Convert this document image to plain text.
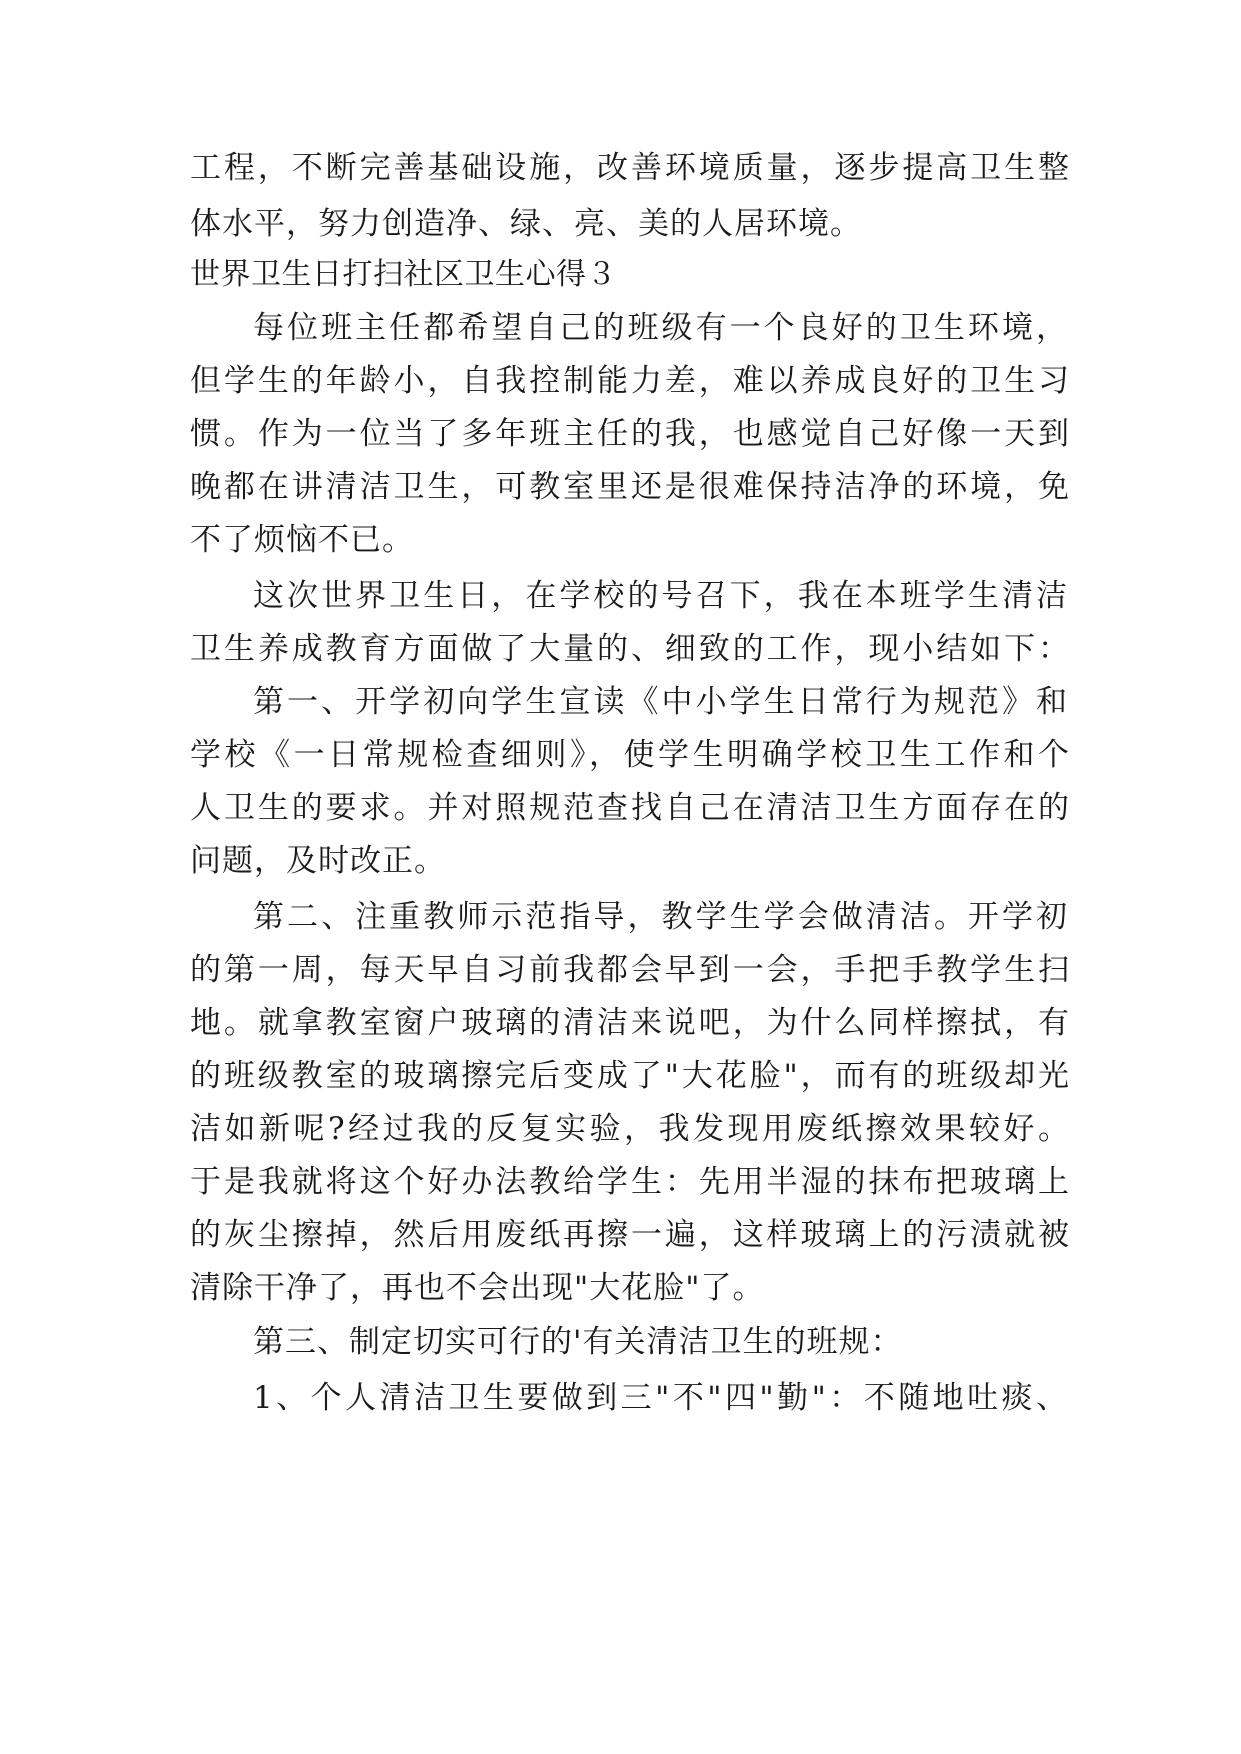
工程，不断完善基础设施，改善环境质量，逐步提高卫生整
体水平，努力创造净、绿、亮、美的人居环境。
世界卫生日打扫社区卫生心得３
每位班主任都希望自己的班级有一个良好的卫生环境，
但学生的年龄小，自我控制能力差，难以养成良好的卫生习
惯。作为一位当了多年班主任的我，也感觉自己好像一天到
晚都在讲清洁卫生，可教室里还是很难保持洁净的环境，免
不了烦恼不已。
这次世界卫生日，在学校的号召下，我在本班学生清洁
卫生养成教育方面做了大量的、细致的工作，现小结如下：
第一、开学初向学生宣读《中小学生日常行为规范》和
学校《一日常规检查细则》，使学生明确学校卫生工作和个
人卫生的要求。并对照规范查找自己在清洁卫生方面存在的
问题，及时改正。
第二、注重教师示范指导，教学生学会做清洁。开学初
的第一周，每天早自习前我都会早到一会，手把手教学生扫
地。就拿教室窗户玻璃的清洁来说吧，为什么同样擦拭，有
的班级教室的玻璃擦完后变成了"大花脸"，而有的班级却光
洁如新呢?经过我的反复实验，我发现用废纸擦效果较好。
于是我就将这个好办法教给学生：先用半湿的抹布把玻璃上
的灰尘擦掉，然后用废纸再擦一遍，这样玻璃上的污渍就被
清除干净了，再也不会出现"大花脸"了。
第三、制定切实可行的'有关清洁卫生的班规：
1、个人清洁卫生要做到三"不"四"勤"：不随地吐痰、
